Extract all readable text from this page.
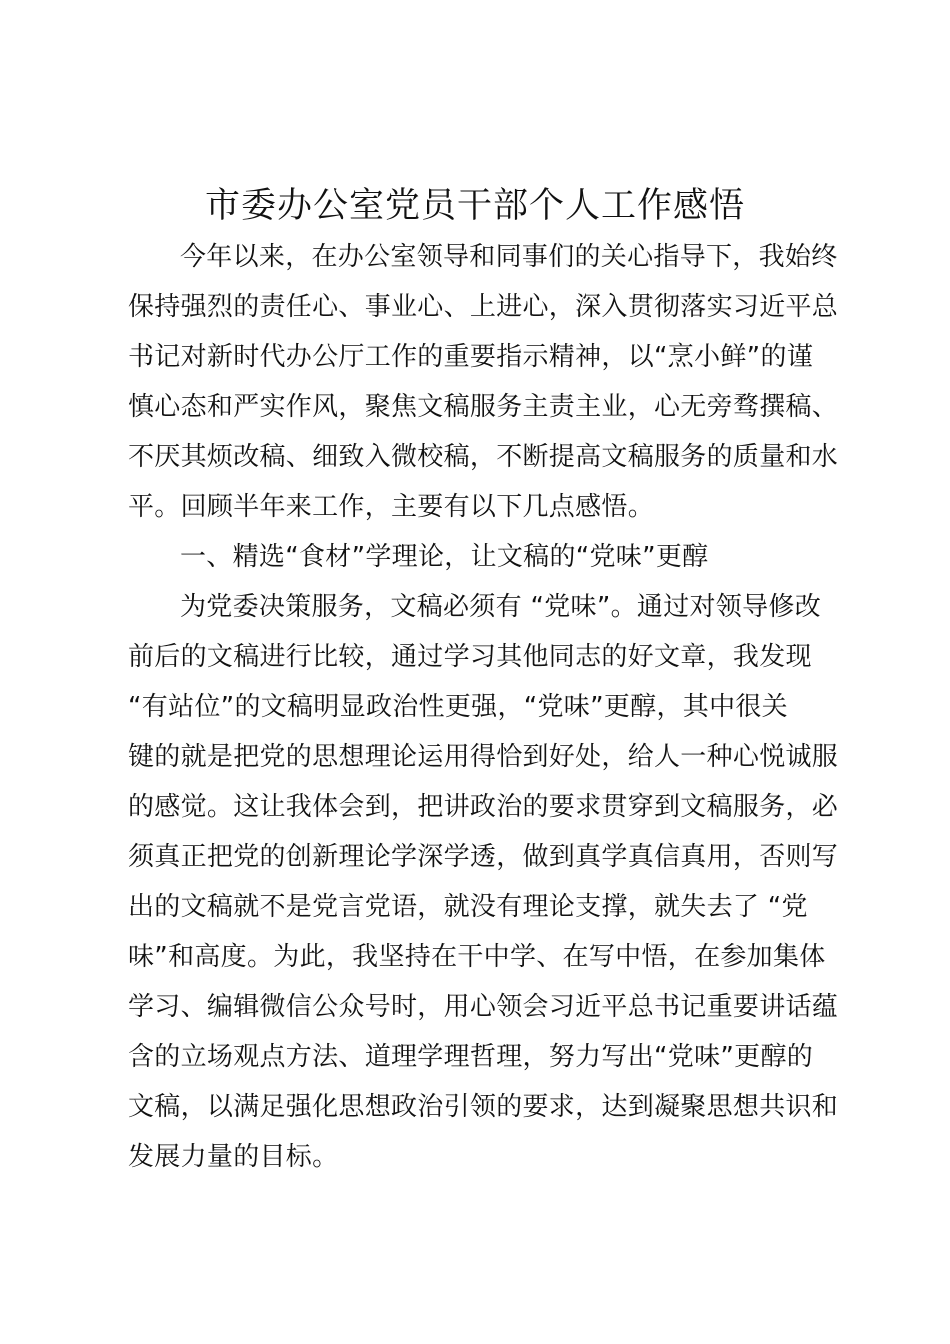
市委办公室党员干部个人工作感悟
今年以来，在办公室领导和同事们的关心指导下，我始终
保持强烈的责任心、事业心、上进心，深入贯彻落实习近平总
书记对新时代办公厅工作的重要指示精神，以“烹小鲜”的谨
慎心态和严实作风，聚焦文稿服务主责主业，心无旁骛撰稿、
不厌其烦改稿、细致入微校稿，不断提高文稿服务的质量和水
平。回顾半年来工作，主要有以下几点感悟。
一、精选“食材”学理论，让文稿的“党味”更醇
为党委决策服务，文稿必须有 “党味”。通过对领导修改
前后的文稿进行比较，通过学习其他同志的好文章，我发现
“有站位”的文稿明显政治性更强，“党味”更醇，其中很关
键的就是把党的思想理论运用得恰到好处，给人一种心悦诚服
的感觉。这让我体会到，把讲政治的要求贯穿到文稿服务，必
须真正把党的创新理论学深学透，做到真学真信真用，否则写
出的文稿就不是党言党语，就没有理论支撑，就失去了 “党
味”和高度。为此，我坚持在干中学、在写中悟，在参加集体
学习、编辑微信公众号时，用心领会习近平总书记重要讲话蕴
含的立场观点方法、道理学理哲理，努力写出“党味”更醇的
文稿，以满足强化思想政治引领的要求，达到凝聚思想共识和
发展力量的目标。
